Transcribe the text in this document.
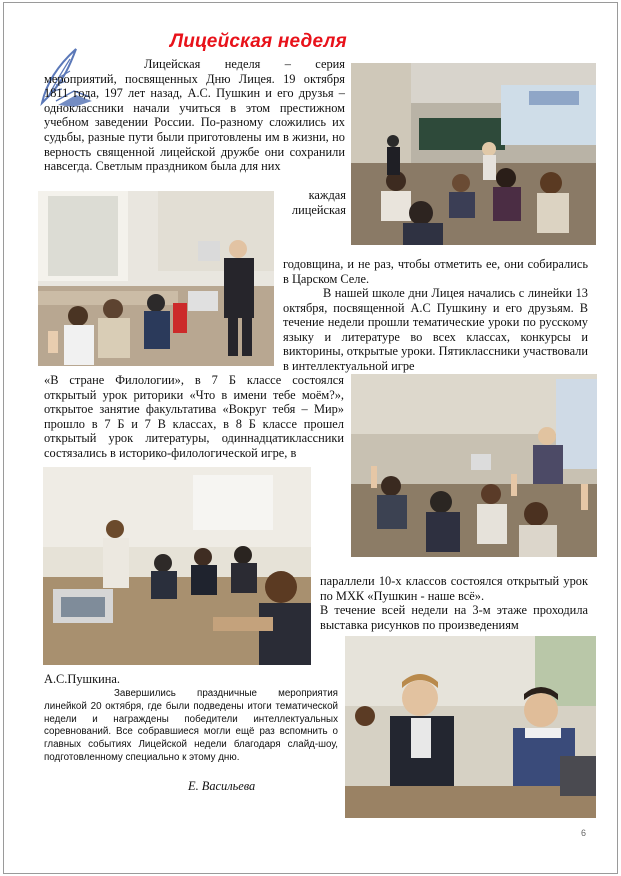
Лицейская неделя

Лицейская неделя – серия мероприятий, посвященных Дню Лицея. 19 октября 1811 года, 197 лет назад, А.С. Пушкин и его друзья – одноклассники начали учиться в этом престижном учебном заведении России. По-разному сложились их судьбы, разные пути были приготовлены им в жизни, но верность священной лицейской дружбе они сохранили навсегда. Светлым праздником была для них

каждая

лицейская

годовщина, и не раз, чтобы отметить ее, они собирались в Царском Селе.

В нашей школе дни Лицея начались с линейки 13 октября, посвященной А.С Пушкину и его друзьям. В течение недели прошли тематические уроки по русскому языку и литературе во всех классах, конкурсы и викторины, открытые уроки. Пятиклассники участвовали в интеллектуальной игре

«В стране Филологии», в 7 Б классе состоялся открытый урок риторики «Что в имени тебе моём?», открытое занятие факультатива «Вокруг тебя – Мир» прошло в 7 Б и 7 В классах, в 8 Б классе прошел открытый урок литературы, одиннадцатиклассники состязались в историко-филологической игре, в

параллели 10-х классов состоялся открытый урок по МХК «Пушкин - наше всё».

В течение всей недели на 3-м этаже проходила выставка рисунков по произведениям

А.С.Пушкина.

Завершились праздничные мероприятия линейкой 20 октября, где были подведены итоги тематической недели и награждены победители интеллектуальных соревнований. Все собравшиеся могли ещё раз вспомнить о главных событиях Лицейской недели благодаря слайд-шоу, подготовленному специально к этому дню.

Е. Васильева
6
